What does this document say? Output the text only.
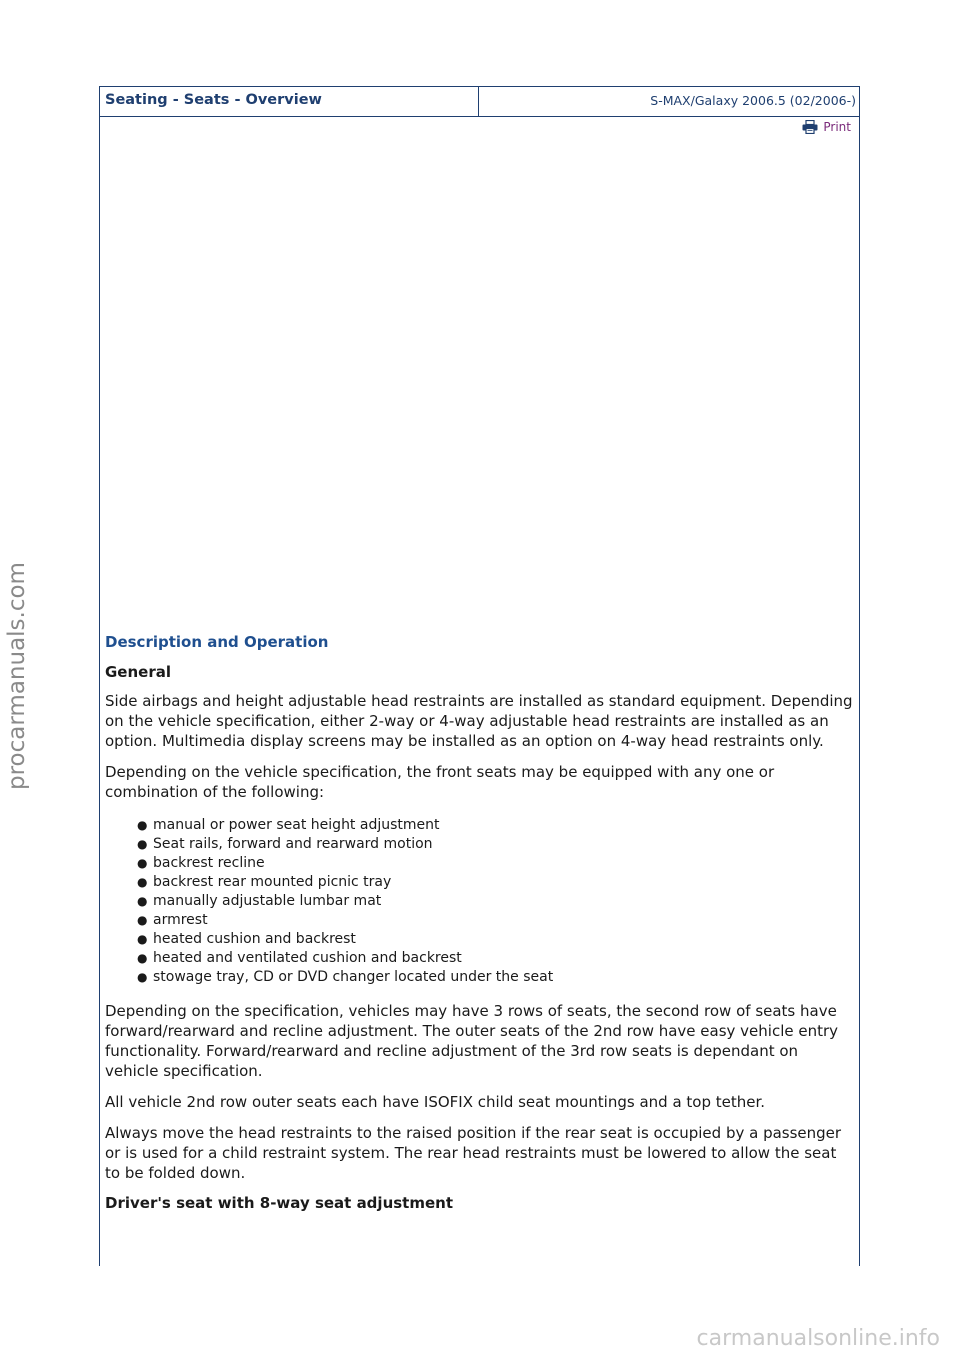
Seating - Seats - Overview	S-MAX/Galaxy 2006.5 (02/2006-)
Print
Description and Operation
General

Side airbags and height adjustable head restraints are installed as standard equipment. Depending on the vehicle specification, either 2-way or 4-way adjustable head restraints are installed as an option. Multimedia display screens may be installed as an option on 4-way head restraints only.

Depending on the vehicle specification, the front seats may be equipped with any one or combination of the following:

● manual or power seat height adjustment
● Seat rails, forward and rearward motion
● backrest recline
● backrest rear mounted picnic tray
● manually adjustable lumbar mat
● armrest
● heated cushion and backrest
● heated and ventilated cushion and backrest
● stowage tray, CD or DVD changer located under the seat

Depending on the specification, vehicles may have 3 rows of seats, the second row of seats have forward/rearward and recline adjustment. The outer seats of the 2nd row have easy vehicle entry functionality. Forward/rearward and recline adjustment of the 3rd row seats is dependant on vehicle specification.

All vehicle 2nd row outer seats each have ISOFIX child seat mountings and a top tether.

Always move the head restraints to the raised position if the rear seat is occupied by a passenger or is used for a child restraint system. The rear head restraints must be lowered to allow the seat to be folded down.

Driver's seat with 8-way seat adjustment
procarmanuals.com
carmanualsonline.info
